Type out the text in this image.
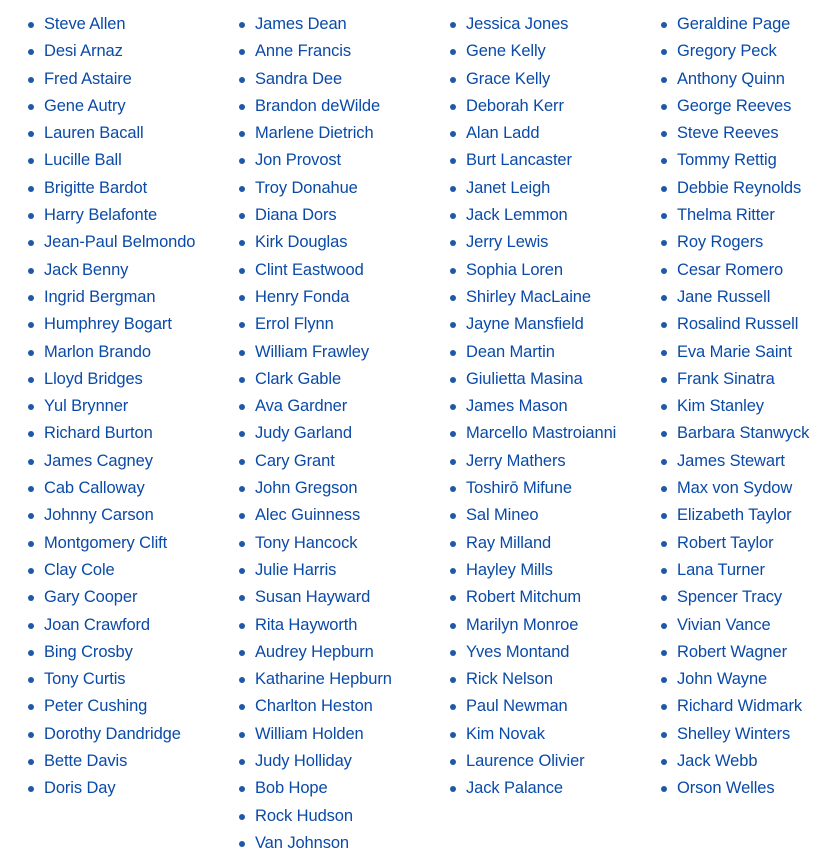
Steve Allen
Desi Arnaz
Fred Astaire
Gene Autry
Lauren Bacall
Lucille Ball
Brigitte Bardot
Harry Belafonte
Jean-Paul Belmondo
Jack Benny
Ingrid Bergman
Humphrey Bogart
Marlon Brando
Lloyd Bridges
Yul Brynner
Richard Burton
James Cagney
Cab Calloway
Johnny Carson
Montgomery Clift
Clay Cole
Gary Cooper
Joan Crawford
Bing Crosby
Tony Curtis
Peter Cushing
Dorothy Dandridge
Bette Davis
Doris Day
James Dean
Anne Francis
Sandra Dee
Brandon deWilde
Marlene Dietrich
Jon Provost
Troy Donahue
Diana Dors
Kirk Douglas
Clint Eastwood
Henry Fonda
Errol Flynn
William Frawley
Clark Gable
Ava Gardner
Judy Garland
Cary Grant
John Gregson
Alec Guinness
Tony Hancock
Julie Harris
Susan Hayward
Rita Hayworth
Audrey Hepburn
Katharine Hepburn
Charlton Heston
William Holden
Judy Holliday
Bob Hope
Rock Hudson
Van Johnson
Jessica Jones
Gene Kelly
Grace Kelly
Deborah Kerr
Alan Ladd
Burt Lancaster
Janet Leigh
Jack Lemmon
Jerry Lewis
Sophia Loren
Shirley MacLaine
Jayne Mansfield
Dean Martin
Giulietta Masina
James Mason
Marcello Mastroianni
Jerry Mathers
Toshirō Mifune
Sal Mineo
Ray Milland
Hayley Mills
Robert Mitchum
Marilyn Monroe
Yves Montand
Rick Nelson
Paul Newman
Kim Novak
Laurence Olivier
Jack Palance
Geraldine Page
Gregory Peck
Anthony Quinn
George Reeves
Steve Reeves
Tommy Rettig
Debbie Reynolds
Thelma Ritter
Roy Rogers
Cesar Romero
Jane Russell
Rosalind Russell
Eva Marie Saint
Frank Sinatra
Kim Stanley
Barbara Stanwyck
James Stewart
Max von Sydow
Elizabeth Taylor
Robert Taylor
Lana Turner
Spencer Tracy
Vivian Vance
Robert Wagner
John Wayne
Richard Widmark
Shelley Winters
Jack Webb
Orson Welles
